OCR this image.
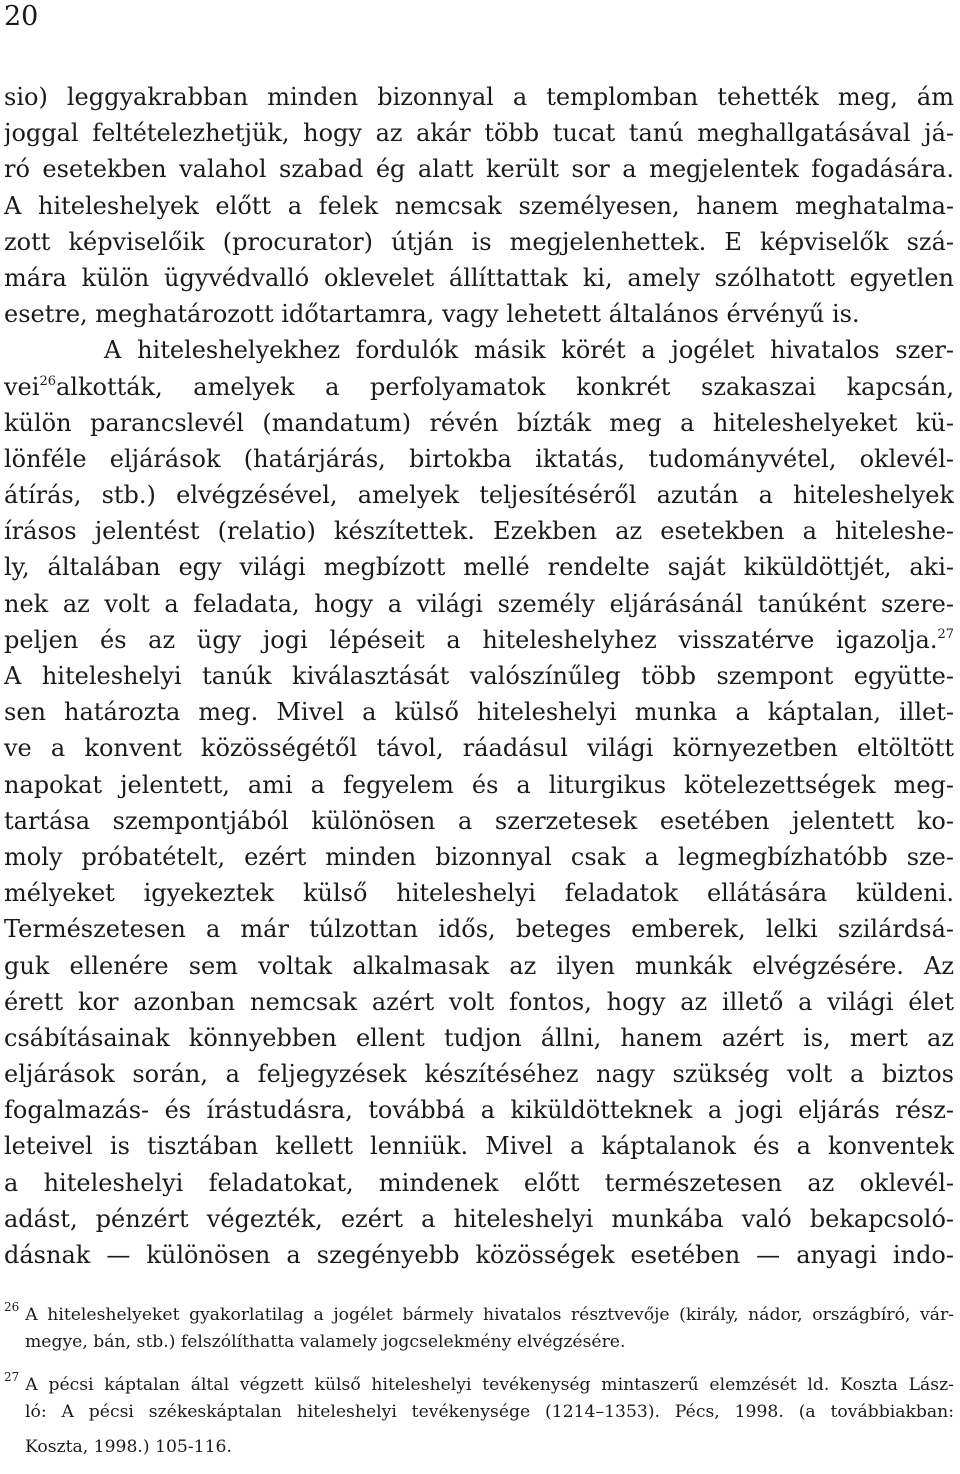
20
sio) leggyakrabban minden bizonnyal a templomban tehették meg, ám
joggal feltételezhetjük, hogy az akár több tucat tanú meghallgatásával já-
ró esetekben valahol szabad ég alatt került sor a megjelentek fogadására.
A hiteleshelyek előtt a felek nemcsak személyesen, hanem meghatalma-
zott képviselőik (procurator) útján is megjelenhettek. E képviselők szá-
mára külön ügyvédvalló oklevelet állíttattak ki, amely szólhatott egyetlen
esetre, meghatározott időtartamra, vagy lehetett általános érvényű is.
A hiteleshelyekhez fordulók másik körét a jogélet hivatalos szer-
vei$^{26}$alkották, amelyek a perfolyamatok konkrét szakaszai kapcsán,
külön parancslevél (mandatum) révén bízták meg a hiteleshelyeket kü-
lönféle eljárások (határjárás, birtokba iktatás, tudományvétel, oklevél-
átírás, stb.) elvégzésével, amelyek teljesítéséről azután a hiteleshelyek
írásos jelentést (relatio) készítettek. Ezekben az esetekben a hiteleshe-
ly, általában egy világi megbízott mellé rendelte saját kiküldöttjét, aki-
nek az volt a feladata, hogy a világi személy eljárásánál tanúként szere-
peljen és az ügy jogi lépéseit a hiteleshelyhez visszatérve igazolja.$^{27}$
A hiteleshelyi tanúk kiválasztását valószínűleg több szempont együtte-
sen határozta meg. Mivel a külső hiteleshelyi munka a káptalan, illet-
ve a konvent közösségétől távol, ráadásul világi környezetben eltöltött
napokat jelentett, ami a fegyelem és a liturgikus kötelezettségek meg-
tartása szempontjából különösen a szerzetesek esetében jelentett ko-
moly próbatételt, ezért minden bizonnyal csak a legmegbízhatóbb sze-
mélyeket igyekeztek külső hiteleshelyi feladatok ellátására küldeni.
Természetesen a már túlzottan idős, beteges emberek, lelki szilárdsá-
guk ellenére sem voltak alkalmasak az ilyen munkák elvégzésére. Az
érett kor azonban nemcsak azért volt fontos, hogy az illető a világi élet
csábításainak könnyebben ellent tudjon állni, hanem azért is, mert az
eljárások során, a feljegyzések készítéséhez nagy szükség volt a biztos
fogalmazás- és írástudásra, továbbá a kiküldötteknek a jogi eljárás rész-
leteivel is tisztában kellett lenniük. Mivel a káptalanok és a konventek
a hiteleshelyi feladatokat, mindenek előtt természetesen az oklevél-
adást, pénzért végezték, ezért a hiteleshelyi munkába való bekapcsoló-
dásnak — különösen a szegényebb közösségek esetében — anyagi indo-
$^{26}$ A hiteleshelyeket gyakorlatilag a jogélet bármely hivatalos résztvevője (király, nádor, országbíró, vár-
megye, bán, stb.) felszólíthatta valamely jogcselekmény elvégzésére.
$^{27}$ A pécsi káptalan által végzett külső hiteleshelyi tevékenység mintaszerű elemzését ld. Koszta Lász-
ló: A pécsi székeskáptalan hiteleshelyi tevékenysége (1214–1353). Pécs, 1998. (a továbbiakban:
Koszta, 1998.) 105-116.
